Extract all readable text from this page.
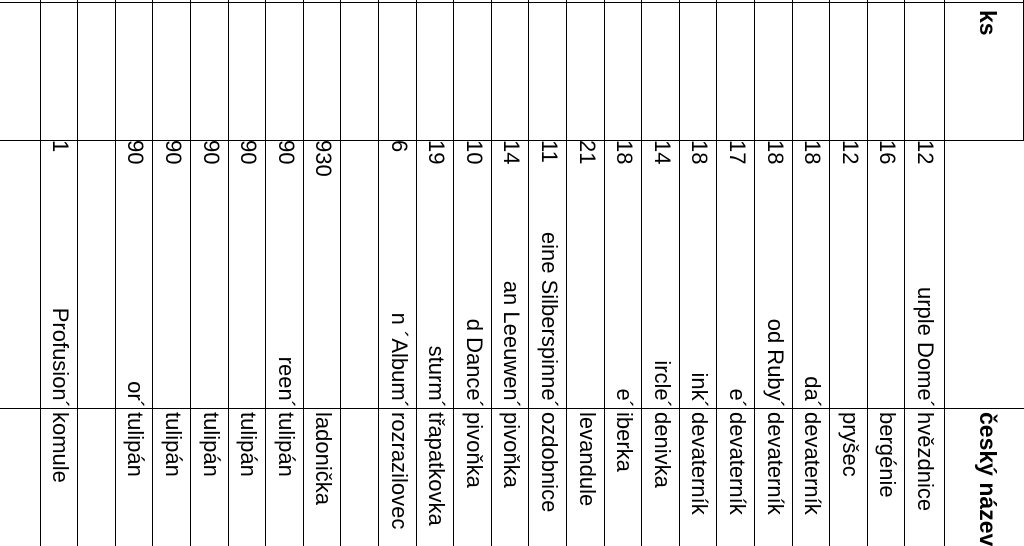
český název
ks
urple Dome´
hvězdnice
12
bergénie
16
pryšec
12
da´
devaterník
18
od Ruby´
devaterník
18
e´
devaterník
17
ink´
devaterník
18
ircle´
denivka
14
e´
iberka
18
levandule
21
eine Silberspinne´
ozdobnice
11
an Leeuwen´
pivoňka
14
d Dance´
pivoňka
10
sturm´
třapatkovka
19
n ´Album´
rozrazilovec
6
ladonička
930
reen´
tulipán
90
tulipán
90
tulipán
90
tulipán
90
or´
tulipán
90
Profusion´
komule
1
